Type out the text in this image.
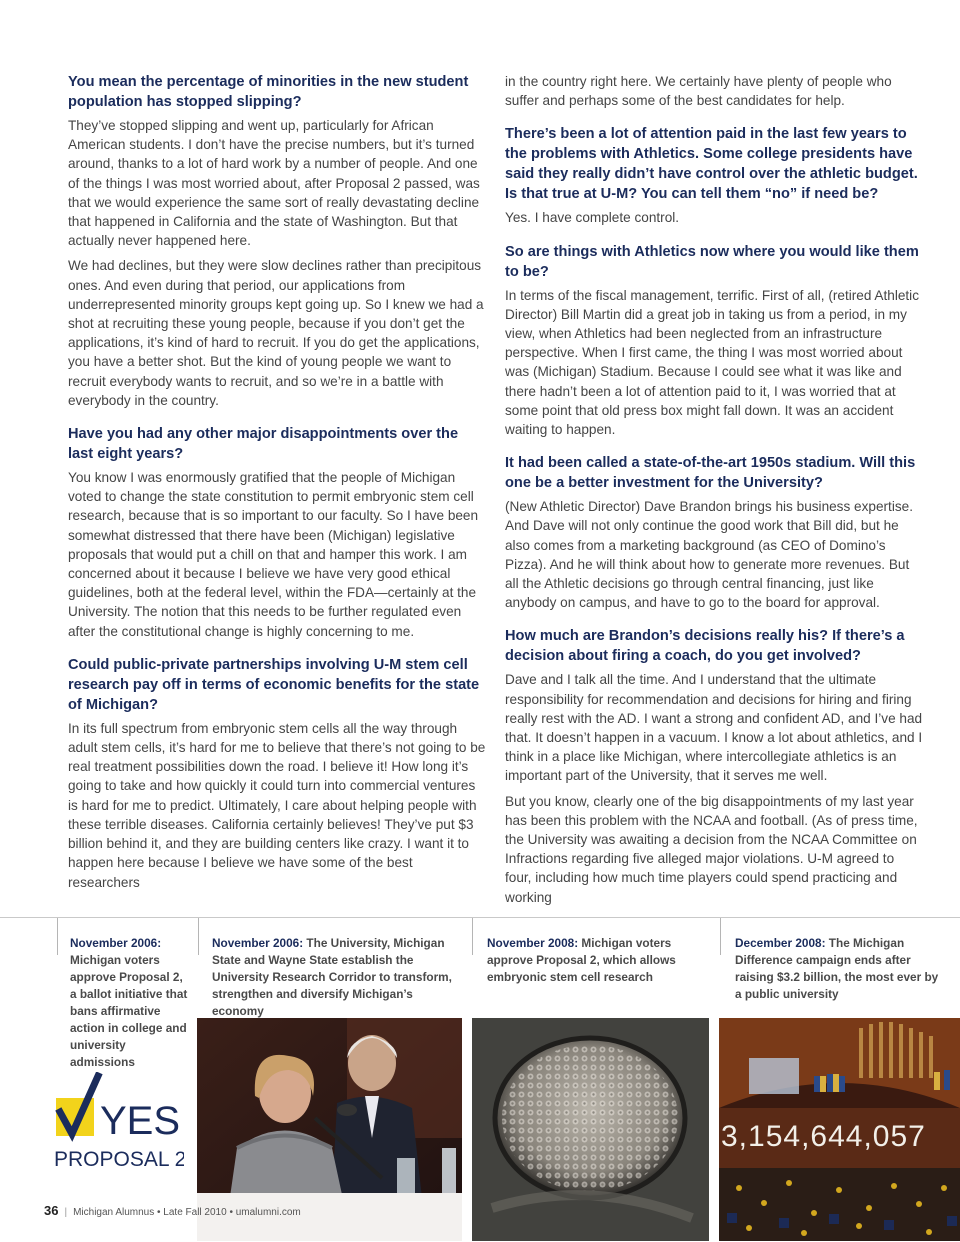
You mean the percentage of minorities in the new student population has stopped slipping?
They’ve stopped slipping and went up, particularly for African American students. I don’t have the precise numbers, but it’s turned around, thanks to a lot of hard work by a number of people. And one of the things I was most worried about, after Proposal 2 passed, was that we would experience the same sort of really devastating decline that happened in California and the state of Washington. But that actually never happened here.
We had declines, but they were slow declines rather than precipitous ones. And even during that period, our applications from underrepresented minority groups kept going up. So I knew we had a shot at recruiting these young people, because if you don’t get the applications, it’s kind of hard to recruit. If you do get the applications, you have a better shot. But the kind of young people we want to recruit everybody wants to recruit, and so we’re in a battle with everybody in the country.
Have you had any other major disappointments over the last eight years?
You know I was enormously gratified that the people of Michigan voted to change the state constitution to permit embryonic stem cell research, because that is so important to our faculty. So I have been somewhat distressed that there have been (Michigan) legislative proposals that would put a chill on that and hamper this work. I am concerned about it because I believe we have very good ethical guidelines, both at the federal level, within the FDA—certainly at the University. The notion that this needs to be further regulated even after the constitutional change is highly concerning to me.
Could public-private partnerships involving U-M stem cell research pay off in terms of economic benefits for the state of Michigan?
In its full spectrum from embryonic stem cells all the way through adult stem cells, it’s hard for me to believe that there’s not going to be real treatment possibilities down the road. I believe it! How long it’s going to take and how quickly it could turn into commercial ventures is hard for me to predict. Ultimately, I care about helping people with these terrible diseases. California certainly believes! They’ve put $3 billion behind it, and they are building centers like crazy. I want it to happen here because I believe we have some of the best researchers
in the country right here. We certainly have plenty of people who suffer and perhaps some of the best candidates for help.
There’s been a lot of attention paid in the last few years to the problems with Athletics. Some college presidents have said they really didn’t have control over the athletic budget. Is that true at U-M? You can tell them “no” if need be?
Yes. I have complete control.
So are things with Athletics now where you would like them to be?
In terms of the fiscal management, terrific. First of all, (retired Athletic Director) Bill Martin did a great job in taking us from a period, in my view, when Athletics had been neglected from an infrastructure perspective. When I first came, the thing I was most worried about was (Michigan) Stadium. Because I could see what it was like and there hadn’t been a lot of attention paid to it, I was worried that at some point that old press box might fall down. It was an accident waiting to happen.
It had been called a state-of-the-art 1950s stadium. Will this one be a better investment for the University?
(New Athletic Director) Dave Brandon brings his business expertise. And Dave will not only continue the good work that Bill did, but he also comes from a marketing background (as CEO of Domino’s Pizza). And he will think about how to generate more revenues. But all the Athletic decisions go through central financing, just like anybody on campus, and have to go to the board for approval.
How much are Brandon’s decisions really his? If there’s a decision about firing a coach, do you get involved?
Dave and I talk all the time. And I understand that the ultimate responsibility for recommendation and decisions for hiring and firing really rest with the AD. I want a strong and confident AD, and I’ve had that. It doesn’t happen in a vacuum. I know a lot about athletics, and I think in a place like Michigan, where intercollegiate athletics is an important part of the University, that it serves me well.
But you know, clearly one of the big disappointments of my last year has been this problem with the NCAA and football. (As of press time, the University was awaiting a decision from the NCAA Committee on Infractions regarding five alleged major violations. U-M agreed to four, including how much time players could spend practicing and working
November 2006:
Michigan voters approve Proposal 2, a ballot initiative that bans affirmative action in college and university admissions
November 2006: The University, Michigan State and Wayne State establish the University Research Corridor to transform, strengthen and diversify Michigan’s economy
November 2008: Michigan voters approve Proposal 2, which allows embryonic stem cell research
December 2008: The Michigan Difference campaign ends after raising $3.2 billion, the most ever by a public university
YES
PROPOSAL 2
3,154,644,057
36 | Michigan Alumnus • Late Fall 2010 • umalumni.com
